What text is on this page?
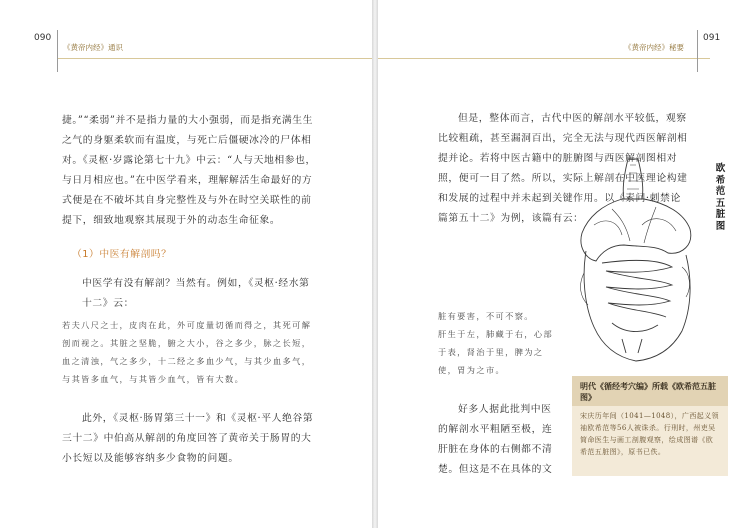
090
《黄帝内经》通识
捷。”“柔弱”并不是指力量的大小强弱，而是指充满生生之气的身躯柔软而有温度，与死亡后僵硬冰冷的尸体相对。《灵枢·岁露论第七十九》中云：“人与天地相参也，与日月相应也。”在中医学看来，理解解活生命最好的方式便是在不破坏其自身完整性及与外在时空关联性的前提下，细致地观察其展现于外的动态生命征象。
（1）中医有解剖吗？
中医学有没有解剖？当然有。例如，《灵枢·经水第十二》云：
若夫八尺之士，皮肉在此，外可度量切循而得之，其死可解剖而视之。其脏之坚脆，腑之大小，谷之多少，脉之长短，血之清浊，气之多少，十二经之多血少气，与其少血多气，与其皆多血气，与其皆少血气，皆有大数。
此外，《灵枢·肠胃第三十一》和《灵枢·平人绝谷第三十二》中伯高从解剖的角度回答了黄帝关于肠胃的大小长短以及能够容纳多少食物的问题。
《黄帝内经》秘要
091
但是，整体而言，古代中医的解剖水平较低，观察比较粗疏，甚至漏洞百出，完全无法与现代西医解剖相提并论。若将中医古籍中的脏腑图与西医解剖图相对照，便可一目了然。所以，实际上解剖在中医理论构建和发展的过程中并未起到关键作用。以《素问·刺禁论篇第五十二》为例，该篇有云：
脏有要害，不可不察。
肝生于左，肺藏于右，心部于表，肾治于里，脾为之使，胃为之市。
好多人据此批判中医的解剖水平粗陋至极，连肝脏在身体的右侧都不清楚。但这是不在具体的文
欧希范五脏图
明代《循经考穴编》所载《欧希范五脏图》
宋庆历年间（1041—1048），广西起义领袖欧希范等56人被诛杀。行刑时，州吏吴简命医生与画工剖腹观察，绘成图谱《欧希范五脏图》，原书已佚。
